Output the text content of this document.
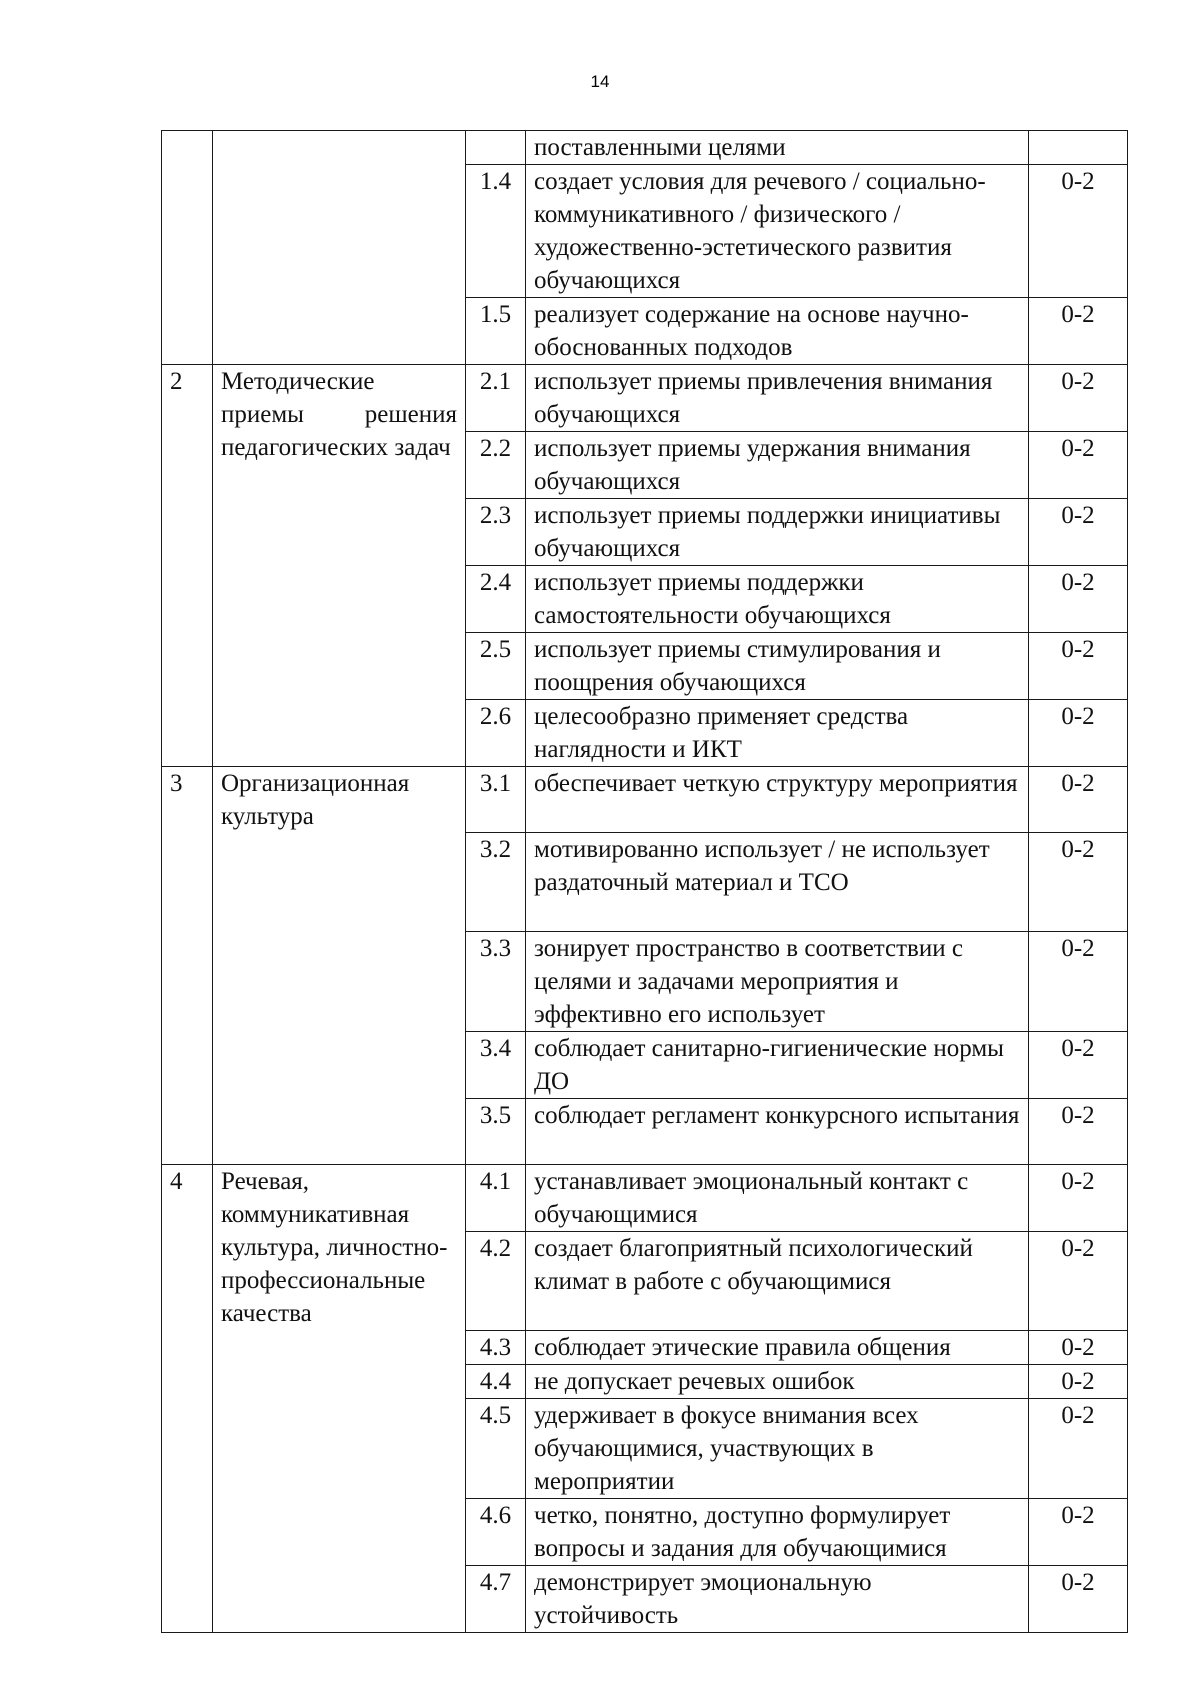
14
			поставленными целями	
		1.4	создает условия для речевого / социально-коммуникативного / физического / художественно-эстетического развития обучающихся	0-2
		1.5	реализует содержание на основе научно-обоснованных подходов	0-2
2	Методические приемы решения педагогических задач	2.1	использует приемы привлечения внимания обучающихся	0-2
		2.2	использует приемы удержания внимания обучающихся	0-2
		2.3	использует приемы поддержки инициативы обучающихся	0-2
		2.4	использует приемы поддержки самостоятельности обучающихся	0-2
		2.5	использует приемы стимулирования и поощрения обучающихся	0-2
		2.6	целесообразно применяет средства наглядности и ИКТ	0-2
3	Организационная культура	3.1	обеспечивает четкую структуру мероприятия	0-2
		3.2	мотивированно использует / не использует раздаточный материал и ТСО	0-2
		3.3	зонирует пространство в соответствии с целями и задачами мероприятия и эффективно его использует	0-2
		3.4	соблюдает санитарно-гигиенические нормы ДО	0-2
		3.5	соблюдает регламент конкурсного испытания	0-2
4	Речевая, коммуникативная культура, личностно-профессиональные качества	4.1	устанавливает эмоциональный контакт с обучающимися	0-2
		4.2	создает благоприятный психологический климат в работе с обучающимися	0-2
		4.3	соблюдает этические правила общения	0-2
		4.4	не допускает речевых ошибок	0-2
		4.5	удерживает в фокусе внимания всех обучающимися, участвующих в мероприятии	0-2
		4.6	четко, понятно, доступно формулирует вопросы и задания для обучающимися	0-2
		4.7	демонстрирует эмоциональную устойчивость	0-2
